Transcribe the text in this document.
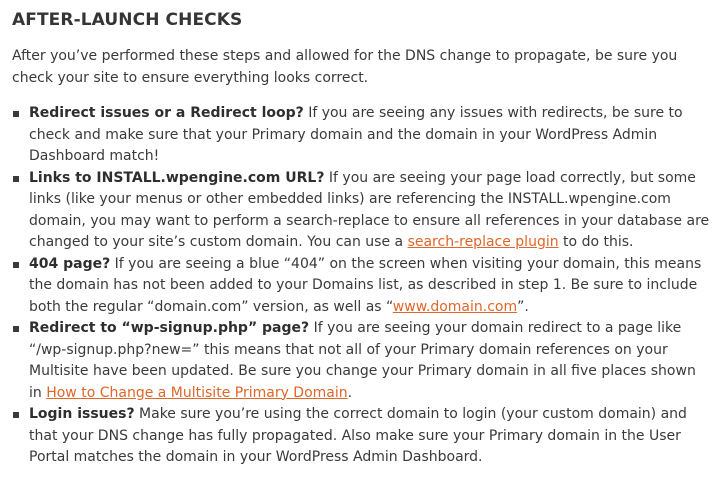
AFTER-LAUNCH CHECKS

After you’ve performed these steps and allowed for the DNS change to propagate, be sure you check your site to ensure everything looks correct.

Redirect issues or a Redirect loop? If you are seeing any issues with redirects, be sure to check and make sure that your Primary domain and the domain in your WordPress Admin Dashboard match!
Links to INSTALL.wpengine.com URL? If you are seeing your page load correctly, but some links (like your menus or other embedded links) are referencing the INSTALL.wpengine.com domain, you may want to perform a search-replace to ensure all references in your database are changed to your site’s custom domain. You can use a search-replace plugin to do this.
404 page? If you are seeing a blue “404” on the screen when visiting your domain, this means the domain has not been added to your Domains list, as described in step 1. Be sure to include both the regular “domain.com” version, as well as “www.domain.com”.
Redirect to “wp-signup.php” page? If you are seeing your domain redirect to a page like “/wp-signup.php?new=” this means that not all of your Primary domain references on your Multisite have been updated. Be sure you change your Primary domain in all five places shown in How to Change a Multisite Primary Domain.
Login issues? Make sure you’re using the correct domain to login (your custom domain) and that your DNS change has fully propagated. Also make sure your Primary domain in the User Portal matches the domain in your WordPress Admin Dashboard.
